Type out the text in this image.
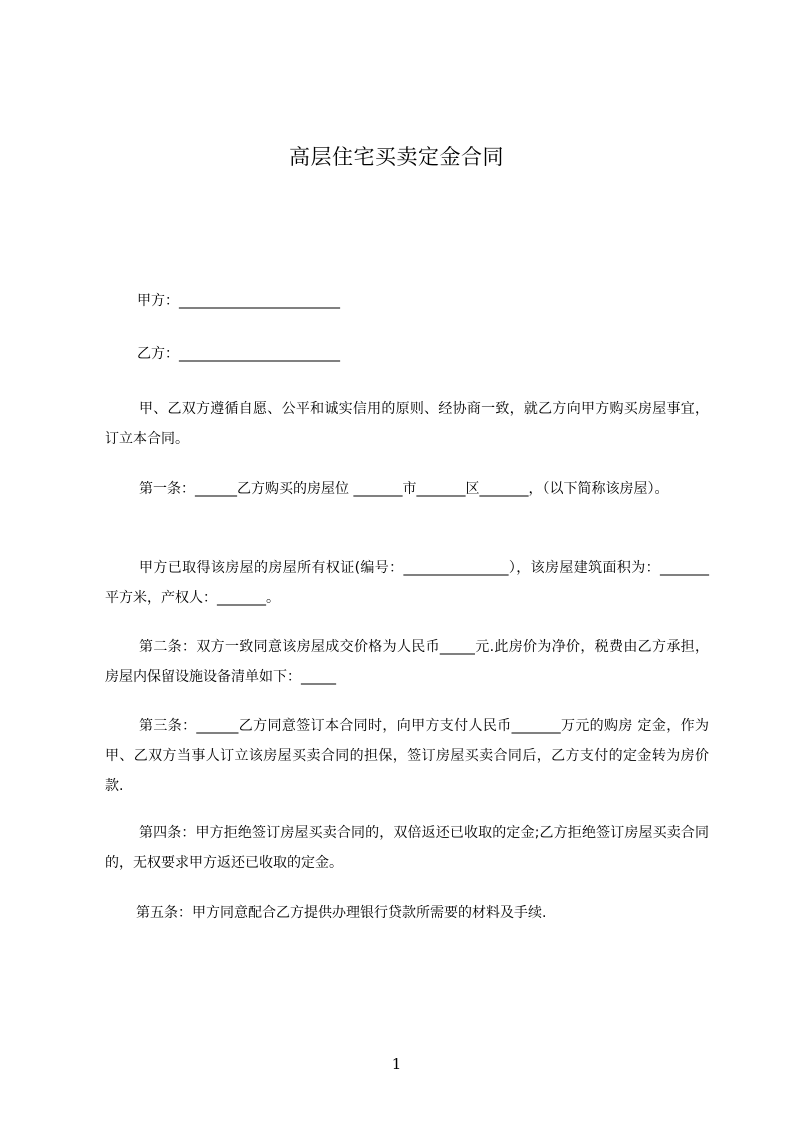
高层住宅买卖定金合同
甲方：_______________________
乙方：_______________________
甲、乙双方遵循自愿、公平和诚实信用的原则、经协商一致，就乙方向甲方购买房屋事宜，订立本合同。
第一条：______乙方购买的房屋位 _______市_______区_______，（以下简称该房屋）。
甲方已取得该房屋的房屋所有权证(编号：_______________），该房屋建筑面积为：_______平方米，产权人：_______。
第二条：双方一致同意该房屋成交价格为人民币_____元.此房价为净价，税费由乙方承担，房屋内保留设施设备清单如下：_____
第三条：______乙方同意签订本合同时，向甲方支付人民币_______万元的购房 定金，作为甲、乙双方当事人订立该房屋买卖合同的担保，签订房屋买卖合同后，乙方支付的定金转为房价款.
第四条：甲方拒绝签订房屋买卖合同的，双倍返还已收取的定金;乙方拒绝签订房屋买卖合同的，无权要求甲方返还已收取的定金。
第五条：甲方同意配合乙方提供办理银行贷款所需要的材料及手续.
1
